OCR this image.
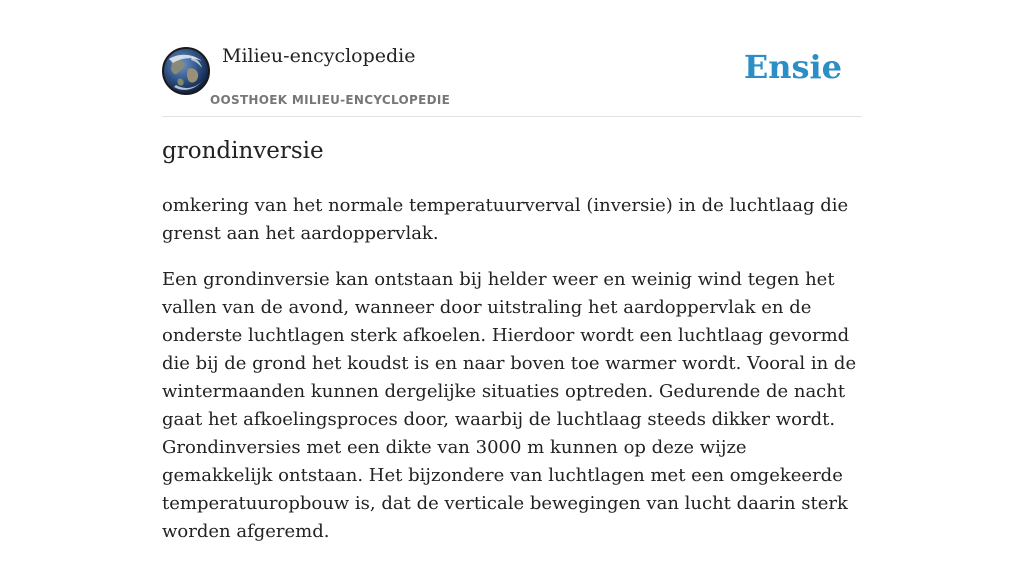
Milieu-encyclopedie
OOSTHOEK MILIEU-ENCYCLOPEDIE
Ensie
grondinversie

omkering van het normale temperatuurverval (inversie) in de luchtlaag die grenst aan het aardoppervlak.

Een grondinversie kan ontstaan bij helder weer en weinig wind tegen het vallen van de avond, wanneer door uitstraling het aardoppervlak en de onderste luchtlagen sterk afkoelen. Hierdoor wordt een luchtlaag gevormd die bij de grond het koudst is en naar boven toe warmer wordt. Vooral in de wintermaanden kunnen dergelijke situaties optreden. Gedurende de nacht gaat het afkoelingsproces door, waarbij de luchtlaag steeds dikker wordt. Grondinversies met een dikte van 3000 m kunnen op deze wijze gemakkelijk ontstaan. Het bijzondere van luchtlagen met een omgekeerde temperatuuropbouw is, dat de verticale bewegingen van lucht daarin sterk worden afgeremd.
